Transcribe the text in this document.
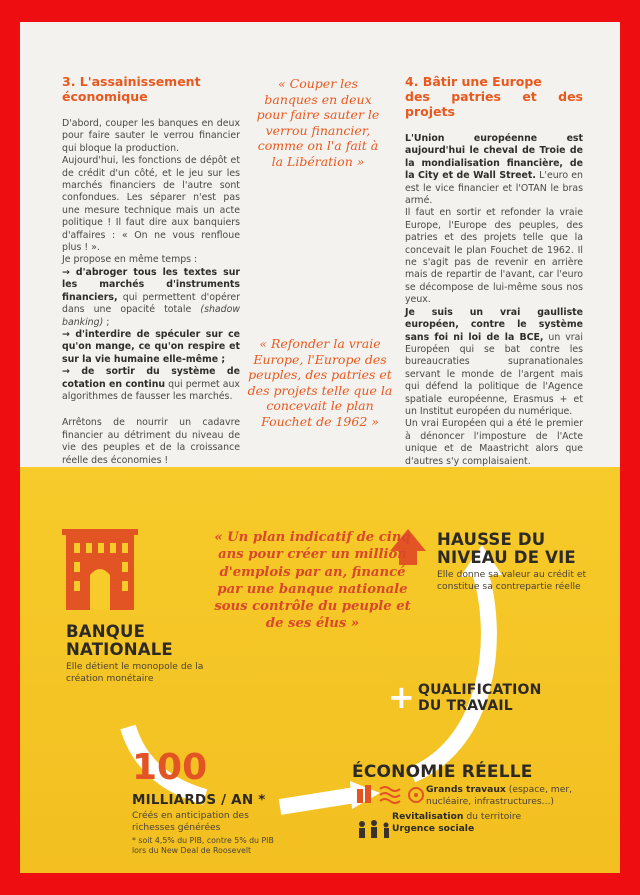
3. L'assainissement
économique

D'abord, couper les banques en deux pour faire sauter le verrou financier qui bloque la production.

Aujourd'hui, les fonctions de dépôt et de crédit d'un côté, et le jeu sur les marchés financiers de l'autre sont confondues. Les séparer n'est pas une mesure technique mais un acte politique ! Il faut dire aux banquiers d'affaires : « On ne vous renfloue plus ! ».

Je propose en même temps :

→ d'abroger tous les textes sur les marchés d'instruments financiers, qui permettent d'opérer dans une opacité totale (shadow banking) ;

→ d'interdire de spéculer sur ce qu'on mange, ce qu'on respire et sur la vie humaine elle-même ;

→ de sortir du système de cotation en continu qui permet aux algorithmes de fausser les marchés.

Arrêtons de nourrir un cadavre financier au détriment du niveau de vie des peuples et de la croissance réelle des économies !

« Couper les banques en deux pour faire sauter le verrou financier, comme on l'a fait à la Libération »
« Refonder la vraie Europe, l'Europe des peuples, des patries et des projets telle que la concevait le plan Fouchet de 1962 »
4. Bâtir une Europe
des patries et des projets

L'Union européenne est aujourd'hui le cheval de Troie de la mondialisation financière, de la City et de Wall Street. L'euro en est le vice financier et l'OTAN le bras armé.

Il faut en sortir et refonder la vraie Europe, l'Europe des peuples, des patries et des projets telle que la concevait le plan Fouchet de 1962. Il ne s'agit pas de revenir en arrière mais de repartir de l'avant, car l'euro se décompose de lui-même sous nos yeux.

Je suis un vrai gaulliste européen, contre le système sans foi ni loi de la BCE, un vrai Européen qui se bat contre les bureaucraties supranationales servant le monde de l'argent mais qui défend la politique de l'Agence spatiale européenne, Erasmus + et un Institut européen du numérique.

Un vrai Européen qui a été le premier à dénoncer l'imposture de l'Acte unique et de Maastricht alors que d'autres s'y complaisaient.

HAUSSE DU
NIVEAU DE VIE
Elle donne sa valeur au crédit et constitue sa contrepartie réelle
BANQUE
NATIONALE
Elle détient le monopole de la création monétaire
« Un plan indicatif de cinq ans pour créer un million d'emplois par an, financé par une banque nationale sous contrôle du peuple et de ses élus »
+ QUALIFICATION
DU TRAVAIL
ÉCONOMIE RÉELLE
Grands travaux (espace, mer, nucléaire, infrastructures...)
Revitalisation du territoire
Urgence sociale
100
MILLIARDS / AN *
Créés en anticipation des richesses générées
* soit 4,5% du PIB, contre 5% du PIB lors du New Deal de Roosevelt
